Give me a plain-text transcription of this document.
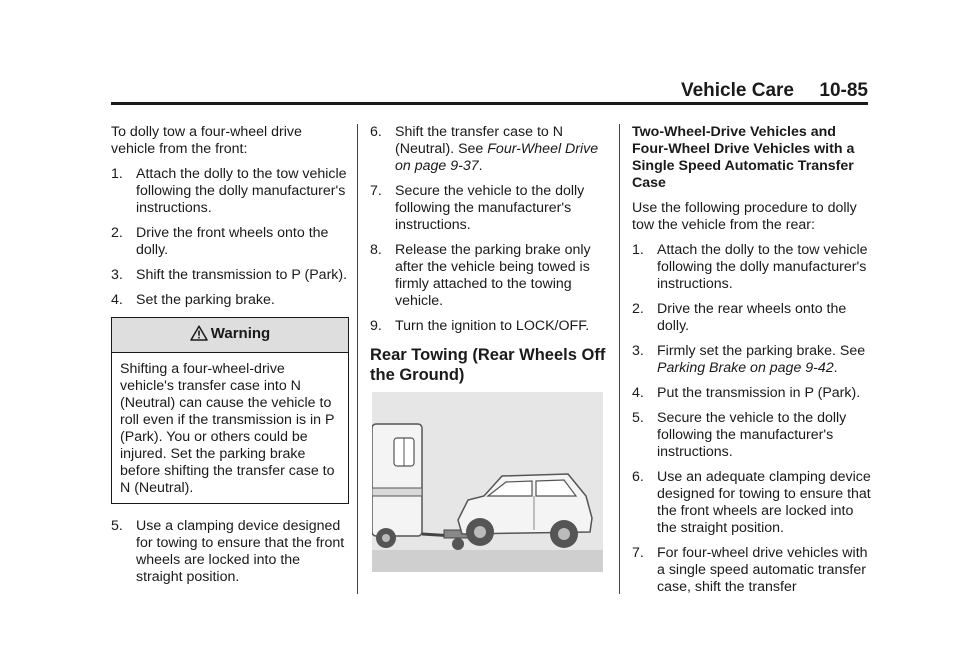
Vehicle Care 10-85

To dolly tow a four-wheel drive vehicle from the front:

1. Attach the dolly to the tow vehicle following the dolly manufacturer's instructions.
2. Drive the front wheels onto the dolly.
3. Shift the transmission to P (Park).
4. Set the parking brake.
Warning
Shifting a four-wheel-drive vehicle's transfer case into N (Neutral) can cause the vehicle to roll even if the transmission is in P (Park). You or others could be injured. Set the parking brake before shifting the transfer case to N (Neutral).
5. Use a clamping device designed for towing to ensure that the front wheels are locked into the straight position.
6. Shift the transfer case to N (Neutral). See Four-Wheel Drive on page 9-37.
7. Secure the vehicle to the dolly following the manufacturer's instructions.
8. Release the parking brake only after the vehicle being towed is firmly attached to the towing vehicle.
9. Turn the ignition to LOCK/OFF.
Rear Towing (Rear Wheels Off the Ground)

Two-Wheel-Drive Vehicles and Four-Wheel Drive Vehicles with a Single Speed Automatic Transfer Case

Use the following procedure to dolly tow the vehicle from the rear:

1. Attach the dolly to the tow vehicle following the dolly manufacturer's instructions.
2. Drive the rear wheels onto the dolly.
3. Firmly set the parking brake. See Parking Brake on page 9-42.
4. Put the transmission in P (Park).
5. Secure the vehicle to the dolly following the manufacturer's instructions.
6. Use an adequate clamping device designed for towing to ensure that the front wheels are locked into the straight position.
7. For four-wheel drive vehicles with a single speed automatic transfer case, shift the transfer
